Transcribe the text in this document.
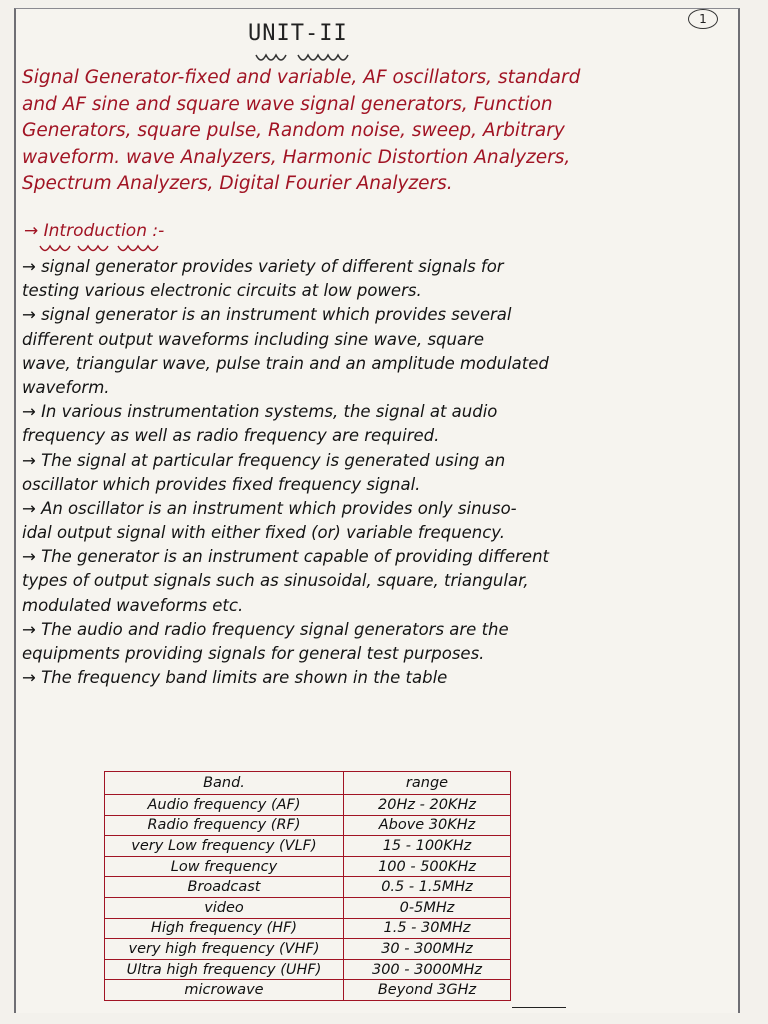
1
UNIT-II
Signal Generator-fixed and variable, AF oscillators, standard
and AF sine and square wave signal generators, Function
Generators, square pulse, Random noise, sweep, Arbitrary
waveform. wave Analyzers, Harmonic Distortion Analyzers,
Spectrum Analyzers, Digital Fourier Analyzers.
→ Introduction :-
→ signal generator provides variety of different signals for
testing various electronic circuits at low powers.
→ signal generator is an instrument which provides several
different output waveforms including sine wave, square
wave, triangular wave, pulse train and an amplitude modulated
waveform.
→ In various instrumentation systems, the signal at audio
frequency as well as radio frequency are required.
→ The signal at particular frequency is generated using an
oscillator which provides fixed frequency signal.
→ An oscillator is an instrument which provides only sinuso-
idal output signal with either fixed (or) variable frequency.
→ The generator is an instrument capable of providing different
types of output signals such as sinusoidal, square, triangular,
modulated waveforms etc.
→ The audio and radio frequency signal generators are the
equipments providing signals for general test purposes.
→ The frequency band limits are shown in the table
Band.	range
Audio frequency (AF)	20Hz - 20KHz
Radio frequency (RF)	Above 30KHz
very Low frequency (VLF)	15 - 100KHz
Low frequency	100 - 500KHz
Broadcast	0.5 - 1.5MHz
video	0-5MHz
High frequency (HF)	1.5 - 30MHz
very high frequency (VHF)	30 - 300MHz
Ultra high frequency (UHF)	300 - 3000MHz
microwave	Beyond 3GHz
